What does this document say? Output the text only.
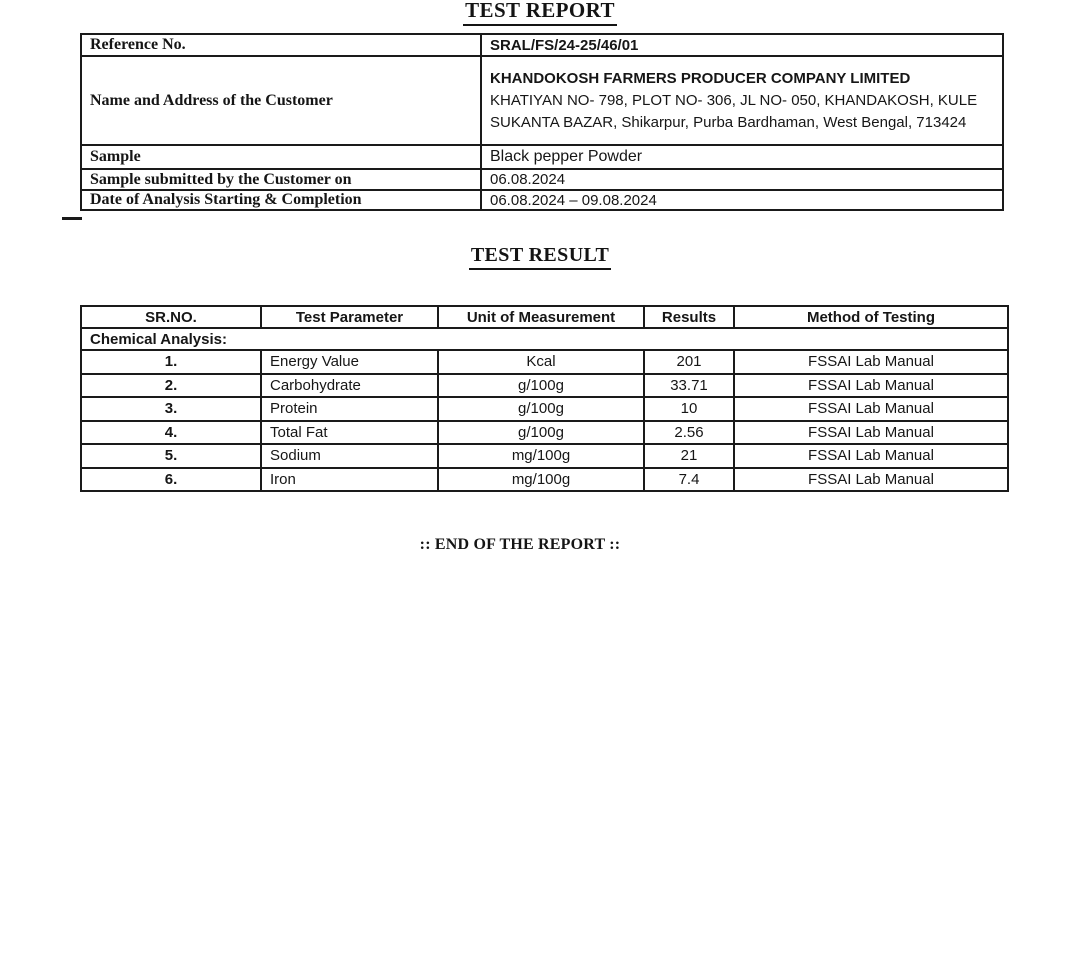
TEST REPORT
Reference No.	SRAL/FS/24-25/46/01
Name and Address of the Customer	KHANDOKOSH FARMERS PRODUCER COMPANY LIMITED
KHATIYAN NO- 798, PLOT NO- 306, JL NO- 050, KHANDAKOSH, KULE SUKANTA BAZAR, Shikarpur, Purba Bardhaman, West Bengal, 713424

Sample	Black pepper Powder
Sample submitted by the Customer on	06.08.2024
Date of Analysis Starting & Completion	06.08.2024 – 09.08.2024
TEST RESULT
SR.NO.	Test Parameter	Unit of Measurement	Results	Method of Testing
Chemical Analysis:				
1.	Energy Value	Kcal	201	FSSAI Lab Manual
2.	Carbohydrate	g/100g	33.71	FSSAI Lab Manual
3.	Protein	g/100g	10	FSSAI Lab Manual
4.	Total Fat	g/100g	2.56	FSSAI Lab Manual
5.	Sodium	mg/100g	21	FSSAI Lab Manual
6.	Iron	mg/100g	7.4	FSSAI Lab Manual
:: END OF THE REPORT ::
